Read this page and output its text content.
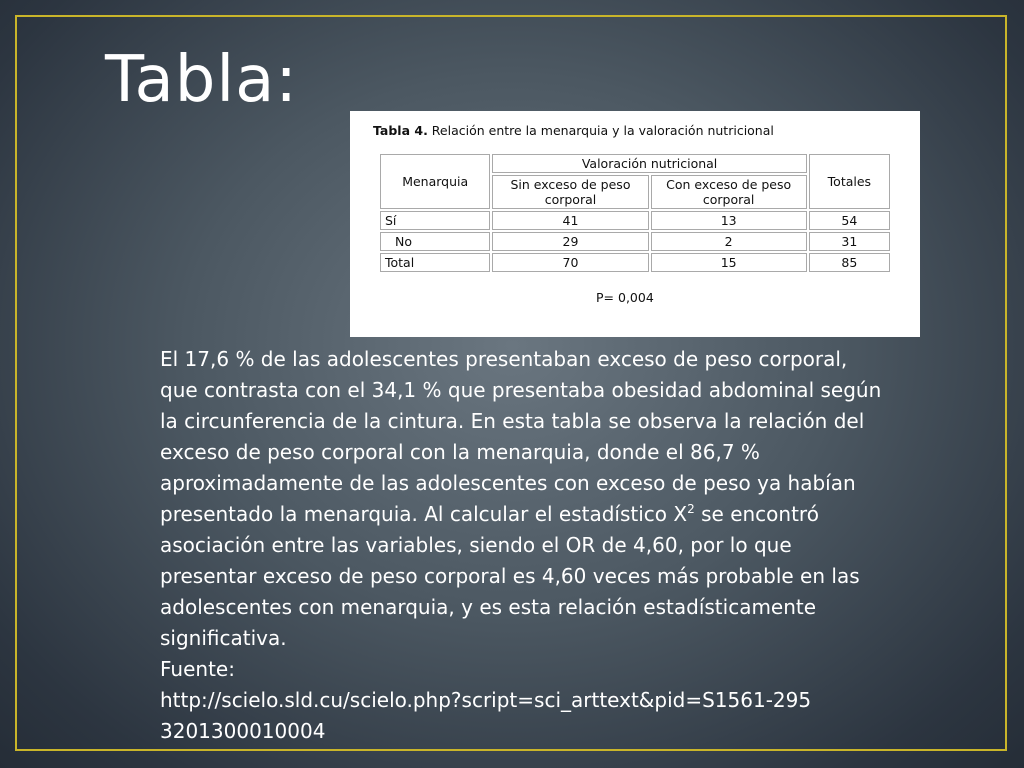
Tabla:
Tabla 4. Relación entre la menarquia y la valoración nutricional
Menarquia	Valoración nutricional		Totales
	Sin exceso de peso corporal	Con exceso de peso corporal	
Sí	41	13	54
No	29	2	31
Total	70	15	85
P= 0,004

El 17,6 % de las adolescentes presentaban exceso de peso corporal, que contrasta con el 34,1 % que presentaba obesidad abdominal según la circunferencia de la cintura. En esta tabla se observa la relación del exceso de peso corporal con la menarquia, donde el 86,7 % aproximadamente de las adolescentes con exceso de peso ya habían presentado la menarquia. Al calcular el estadístico $X^2$ se encontró asociación entre las variables, siendo el OR de 4,60, por lo que presentar exceso de peso corporal es 4,60 veces más probable en las adolescentes con menarquia, y es esta relación estadísticamente significativa.

Fuente:

http://scielo.sld.cu/scielo.php?script=sci_arttext&pid=S1561-2953201300010004
